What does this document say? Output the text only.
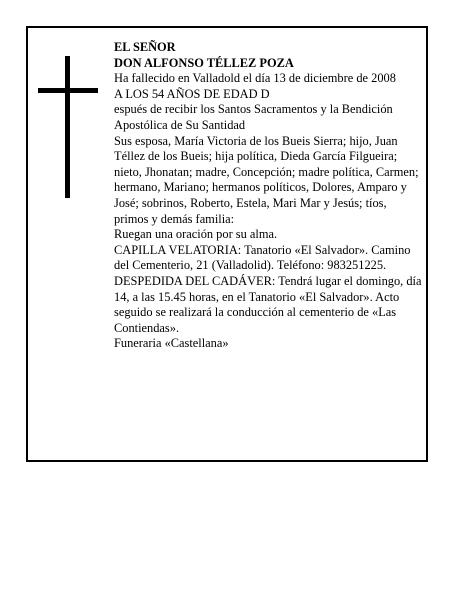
EL SEÑOR

DON ALFONSO TÉLLEZ POZA

Ha fallecido en Valladold el día 13 de diciembre de 2008

A LOS 54 AÑOS DE EDAD D

espués de recibir los Santos Sacramentos y la Bendición Apostólica de Su Santidad

Sus esposa, María Victoria de los Bueis Sierra; hijo, Juan Téllez de los Bueis; hija política, Dieda García Filgueira; nieto, Jhonatan; madre, Concepción; madre política, Carmen; hermano, Mariano; hermanos políticos, Dolores, Amparo y José; sobrinos, Roberto, Estela, Mari Mar y Jesús; tíos, primos y demás familia:

Ruegan una oración por su alma.

CAPILLA VELATORIA: Tanatorio «El Salvador». Camino del Cementerio, 21 (Valladolid). Teléfono: 983251225.

DESPEDIDA DEL CADÁVER: Tendrá lugar el domingo, día 14, a las 15.45 horas, en el Tanatorio «El Salvador». Acto seguido se realizará la conducción al cementerio de «Las Contiendas».

Funeraria «Castellana»
